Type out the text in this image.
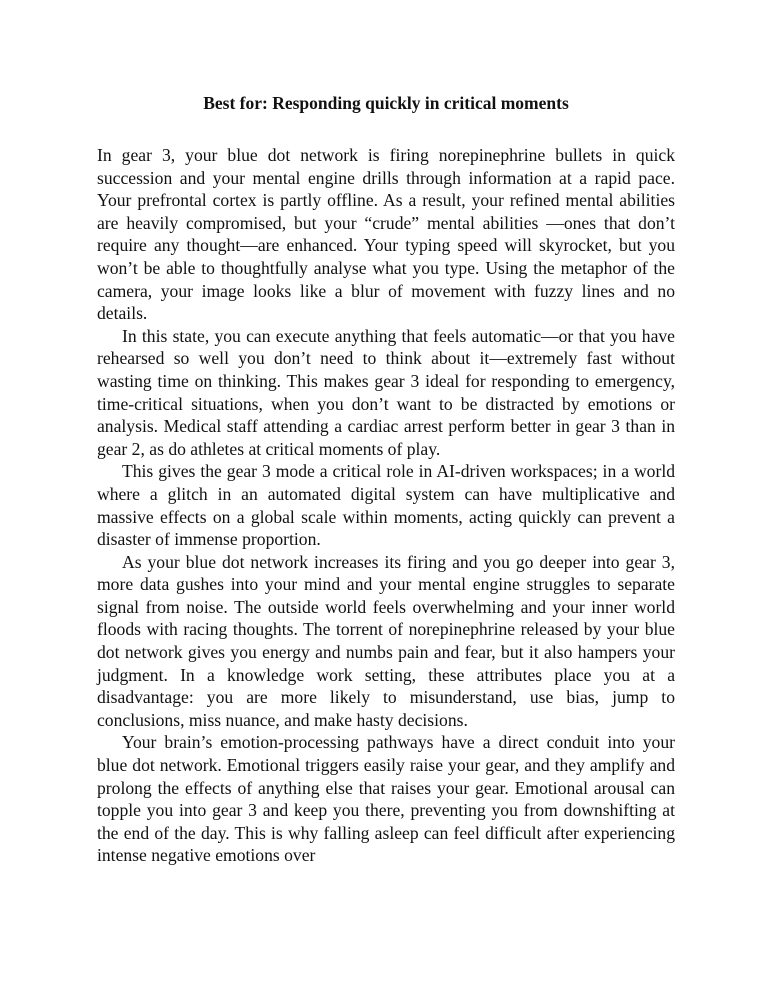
Best for: Responding quickly in critical moments

In gear 3, your blue dot network is firing norepinephrine bullets in quick succession and your mental engine drills through information at a rapid pace. Your prefrontal cortex is partly offline. As a result, your refined mental abilities are heavily compromised, but your “crude” mental abilities —ones that don’t require any thought—are enhanced. Your typing speed will skyrocket, but you won’t be able to thoughtfully analyse what you type. Using the metaphor of the camera, your image looks like a blur of movement with fuzzy lines and no details.

In this state, you can execute anything that feels automatic—or that you have rehearsed so well you don’t need to think about it—extremely fast without wasting time on thinking. This makes gear 3 ideal for responding to emergency, time-critical situations, when you don’t want to be distracted by emotions or analysis. Medical staff attending a cardiac arrest perform better in gear 3 than in gear 2, as do athletes at critical moments of play.

This gives the gear 3 mode a critical role in AI-driven workspaces; in a world where a glitch in an automated digital system can have multiplicative and massive effects on a global scale within moments, acting quickly can prevent a disaster of immense proportion.

As your blue dot network increases its firing and you go deeper into gear 3, more data gushes into your mind and your mental engine struggles to separate signal from noise. The outside world feels overwhelming and your inner world floods with racing thoughts. The torrent of norepinephrine released by your blue dot network gives you energy and numbs pain and fear, but it also hampers your judgment. In a knowledge work setting, these attributes place you at a disadvantage: you are more likely to misunderstand, use bias, jump to conclusions, miss nuance, and make hasty decisions.

Your brain’s emotion-processing pathways have a direct conduit into your blue dot network. Emotional triggers easily raise your gear, and they amplify and prolong the effects of anything else that raises your gear. Emotional arousal can topple you into gear 3 and keep you there, preventing you from downshifting at the end of the day. This is why falling asleep can feel difficult after experiencing intense negative emotions over
